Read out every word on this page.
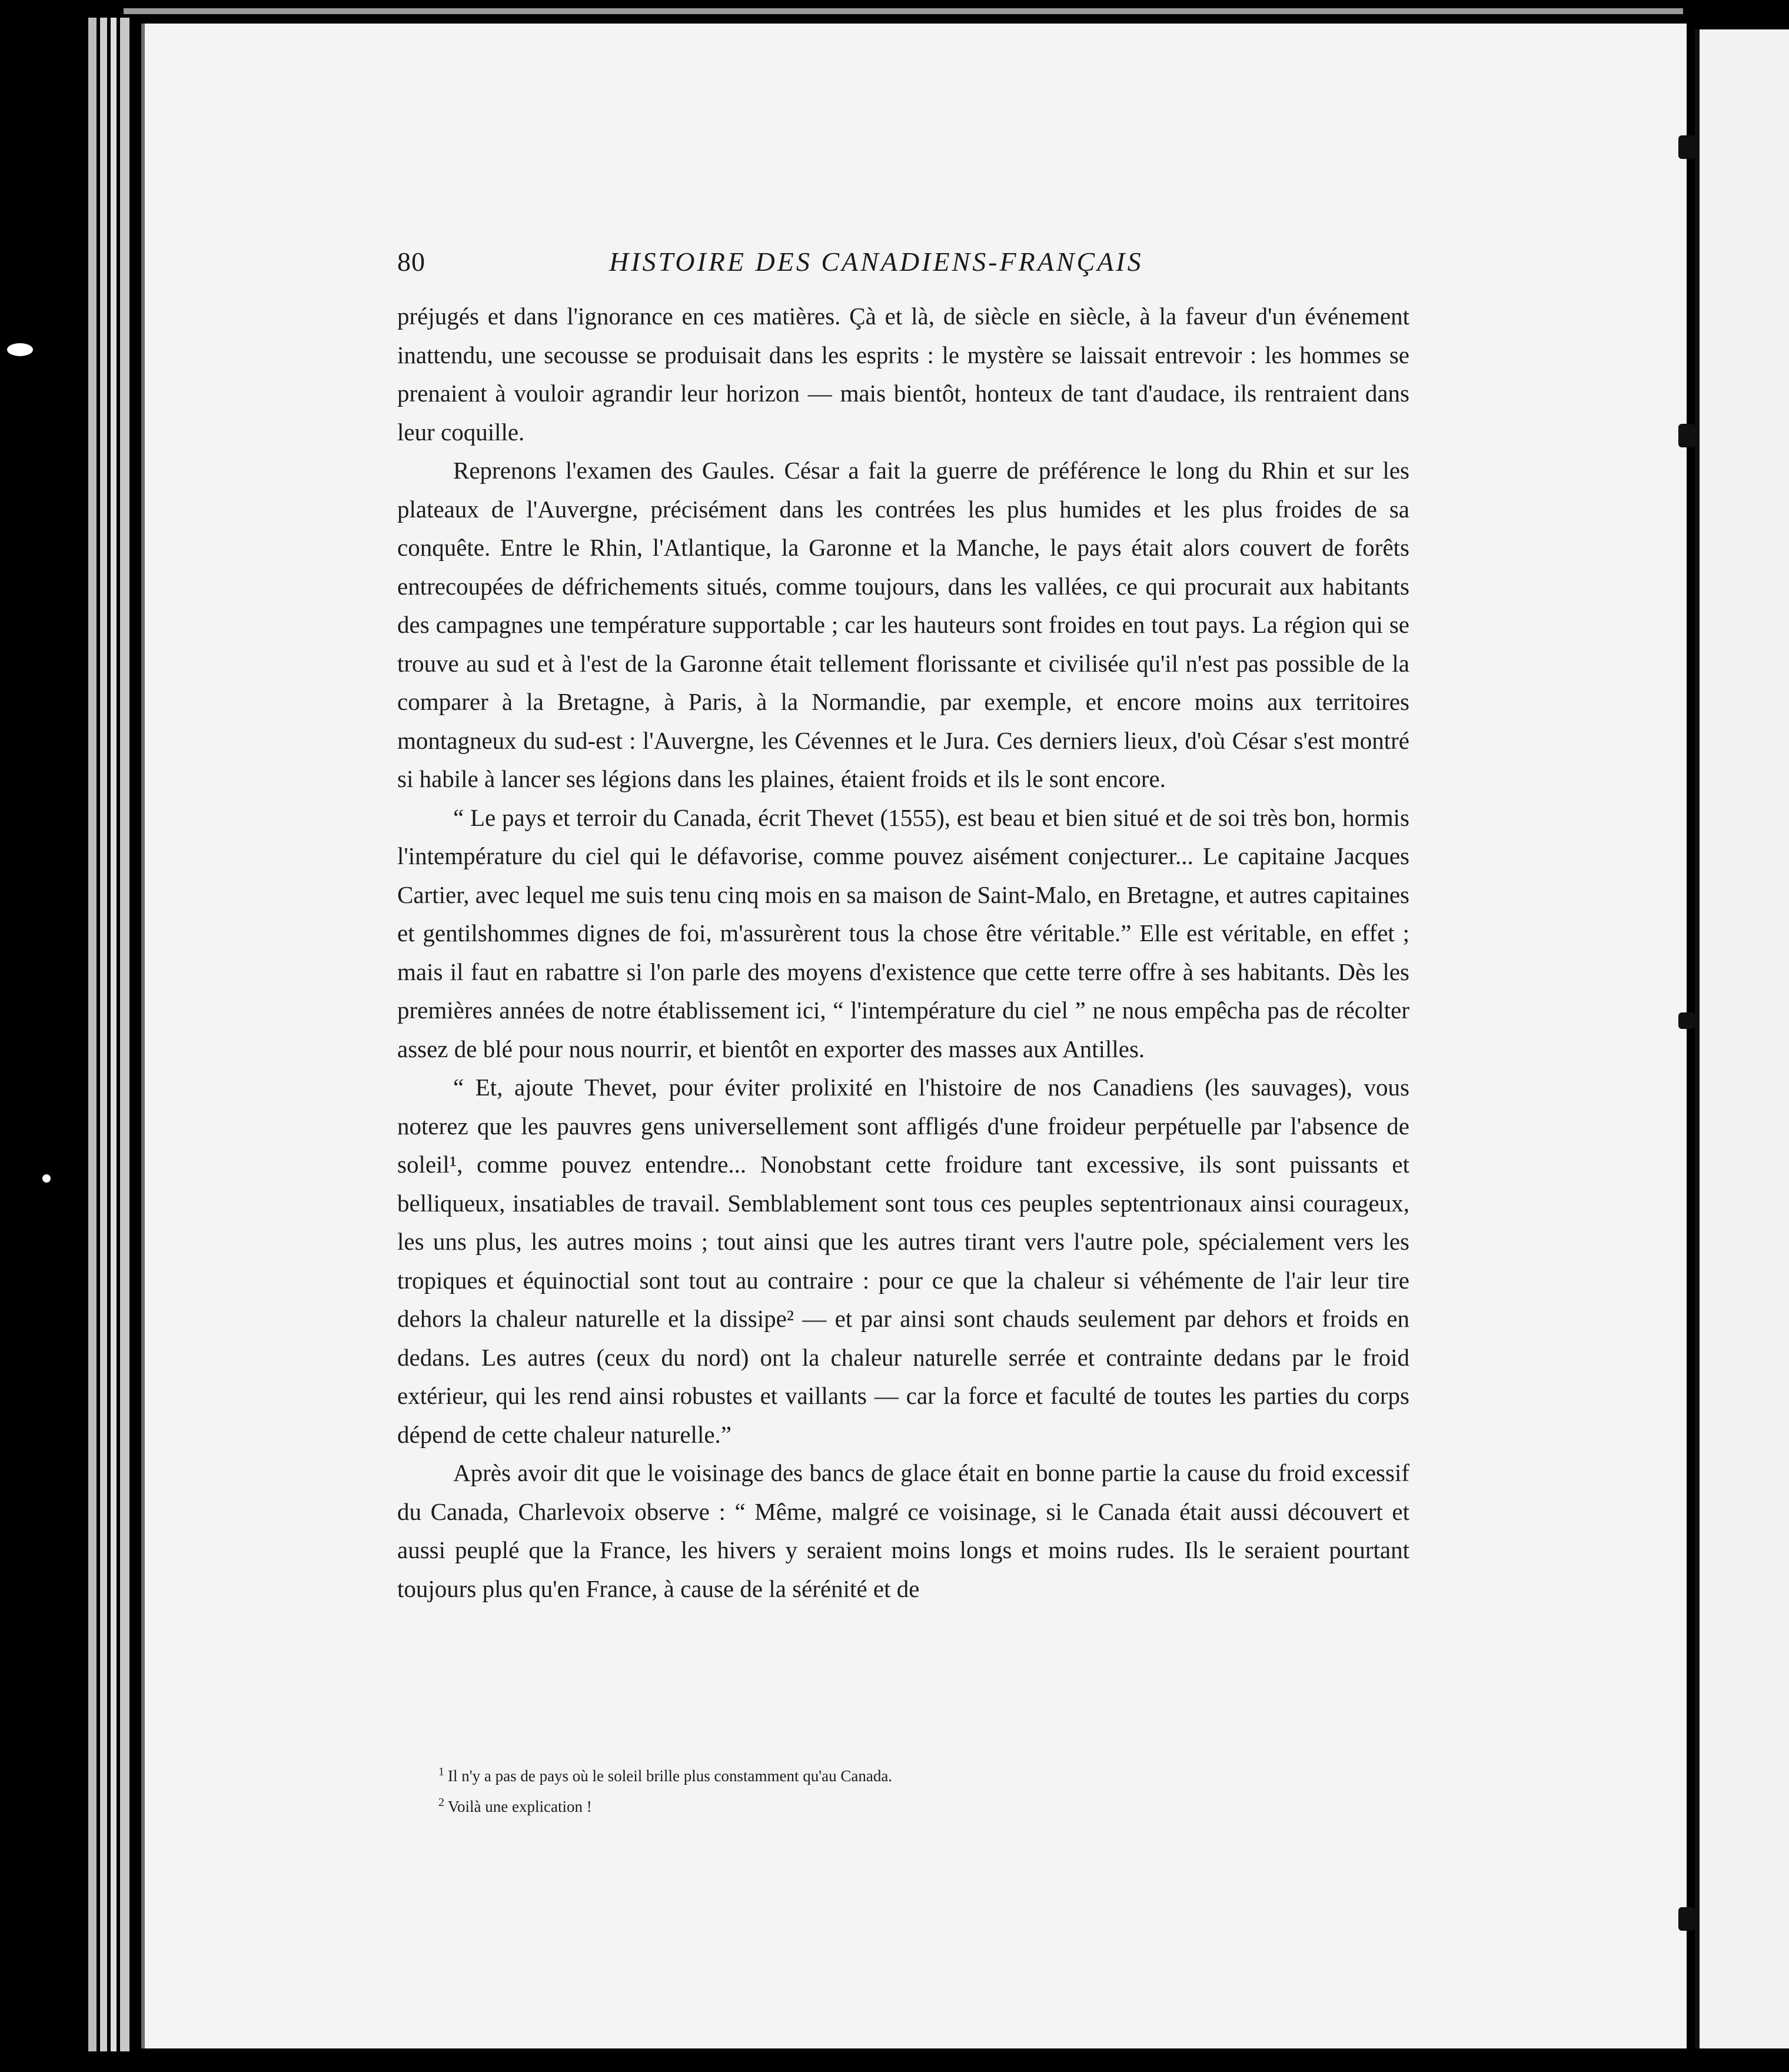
80	HISTOIRE DES CANADIENS-FRANÇAIS

préjugés et dans l'ignorance en ces matières. Çà et là, de siècle en siècle, à la faveur d'un événement inattendu, une secousse se produisait dans les esprits : le mystère se laissait entrevoir : les hommes se prenaient à vouloir agrandir leur horizon — mais bientôt, honteux de tant d'audace, ils rentraient dans leur coquille.

Reprenons l'examen des Gaules. César a fait la guerre de préférence le long du Rhin et sur les plateaux de l'Auvergne, précisément dans les contrées les plus humides et les plus froides de sa conquête. Entre le Rhin, l'Atlantique, la Garonne et la Manche, le pays était alors couvert de forêts entrecoupées de défrichements situés, comme toujours, dans les vallées, ce qui procurait aux habitants des campagnes une température supportable ; car les hauteurs sont froides en tout pays. La région qui se trouve au sud et à l'est de la Garonne était tellement florissante et civilisée qu'il n'est pas possible de la comparer à la Bretagne, à Paris, à la Normandie, par exemple, et encore moins aux territoires montagneux du sud-est : l'Auvergne, les Cévennes et le Jura. Ces derniers lieux, d'où César s'est montré si habile à lancer ses légions dans les plaines, étaient froids et ils le sont encore.

“ Le pays et terroir du Canada, écrit Thevet (1555), est beau et bien situé et de soi très bon, hormis l'intempérature du ciel qui le défavorise, comme pouvez aisément conjecturer... Le capitaine Jacques Cartier, avec lequel me suis tenu cinq mois en sa maison de Saint-Malo, en Bretagne, et autres capitaines et gentilshommes dignes de foi, m'assurèrent tous la chose être véritable.” Elle est véritable, en effet ; mais il faut en rabattre si l'on parle des moyens d'existence que cette terre offre à ses habitants. Dès les premières années de notre établissement ici, “ l'intempérature du ciel ” ne nous empêcha pas de récolter assez de blé pour nous nourrir, et bientôt en exporter des masses aux Antilles.

“ Et, ajoute Thevet, pour éviter prolixité en l'histoire de nos Canadiens (les sauvages), vous noterez que les pauvres gens universellement sont affligés d'une froideur perpétuelle par l'absence de soleil¹, comme pouvez entendre... Nonobstant cette froidure tant excessive, ils sont puissants et belliqueux, insatiables de travail. Semblablement sont tous ces peuples septentrionaux ainsi courageux, les uns plus, les autres moins ; tout ainsi que les autres tirant vers l'autre pole, spécialement vers les tropiques et équinoctial sont tout au contraire : pour ce que la chaleur si véhémente de l'air leur tire dehors la chaleur naturelle et la dissipe² — et par ainsi sont chauds seulement par dehors et froids en dedans. Les autres (ceux du nord) ont la chaleur naturelle serrée et contrainte dedans par le froid extérieur, qui les rend ainsi robustes et vaillants — car la force et faculté de toutes les parties du corps dépend de cette chaleur naturelle.”

Après avoir dit que le voisinage des bancs de glace était en bonne partie la cause du froid excessif du Canada, Charlevoix observe : “ Même, malgré ce voisinage, si le Canada était aussi découvert et aussi peuplé que la France, les hivers y seraient moins longs et moins rudes. Ils le seraient pourtant toujours plus qu'en France, à cause de la sérénité et de

$^1$ Il n'y a pas de pays où le soleil brille plus constamment qu'au Canada.

$^2$ Voilà une explication !
